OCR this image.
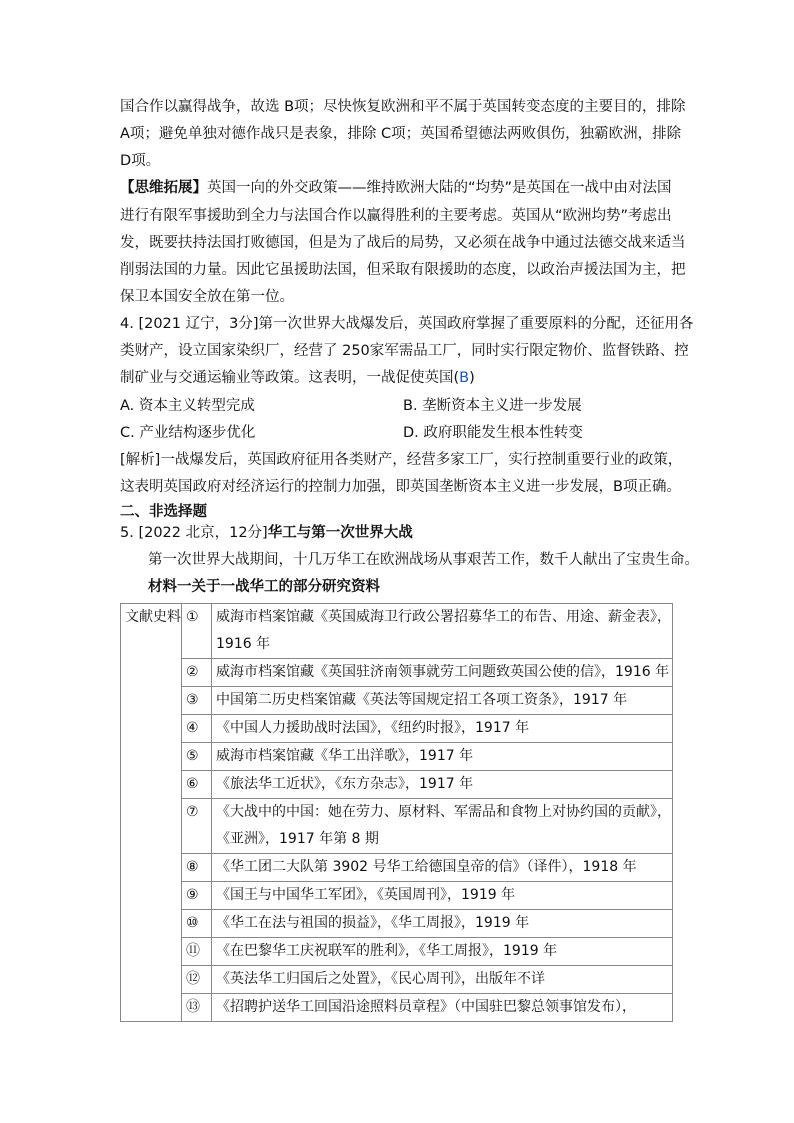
国合作以赢得战争，故选 B项；尽快恢复欧洲和平不属于英国转变态度的主要目的，排除
A项；避免单独对德作战只是表象，排除 C项；英国希望德法两败俱伤，独霸欧洲，排除
D项。
【思维拓展】英国一向的外交政策——维持欧洲大陆的“均势”是英国在一战中由对法国
进行有限军事援助到全力与法国合作以赢得胜利的主要考虑。英国从“欧洲均势”考虑出
发，既要扶持法国打败德国，但是为了战后的局势，又必须在战争中通过法德交战来适当
削弱法国的力量。因此它虽援助法国，但采取有限援助的态度，以政治声援法国为主，把
保卫本国安全放在第一位。
4. [2021 辽宁，3分]第一次世界大战爆发后，英国政府掌握了重要原料的分配，还征用各
类财产，设立国家染织厂，经营了 250家军需品工厂，同时实行限定物价、监督铁路、控
制矿业与交通运输业等政策。这表明，一战促使英国(B)
A. 资本主义转型完成	B. 垄断资本主义进一步发展
C. 产业结构逐步优化	D. 政府职能发生根本性转变
[解析]一战爆发后，英国政府征用各类财产，经营多家工厂，实行控制重要行业的政策，
这表明英国政府对经济运行的控制力加强，即英国垄断资本主义进一步发展，B项正确。
二、非选择题
5. [2022 北京，12分]华工与第一次世界大战
第一次世界大战期间，十几万华工在欧洲战场从事艰苦工作，数千人献出了宝贵生命。
材料一关于一战华工的部分研究资料
文献史料	①	威海市档案馆藏《英国威海卫行政公署招募华工的布告、用途、薪金表》，1916 年
	②	威海市档案馆藏《英国驻济南领事就劳工问题致英国公使的信》，1916 年
	③	中国第二历史档案馆藏《英法等国规定招工各项工资条》，1917 年
	④	《中国人力援助战时法国》，《纽约时报》，1917 年
	⑤	威海市档案馆藏《华工出洋歌》，1917 年
	⑥	《旅法华工近状》，《东方杂志》，1917 年
	⑦	《大战中的中国：她在劳力、原材料、军需品和食物上对协约国的贡献》，《亚洲》，1917 年第 8 期
	⑧	《华工团二大队第 3902 号华工给德国皇帝的信》（译件），1918 年
	⑨	《国王与中国华工军团》，《英国周刊》，1919 年
	⑩	《华工在法与祖国的损益》，《华工周报》，1919 年
	⑪	《在巴黎华工庆祝联军的胜利》，《华工周报》，1919 年
	⑫	《英法华工归国后之处置》，《民心周刊》，出版年不详
	⑬	《招聘护送华工回国沿途照料员章程》（中国驻巴黎总领事馆发布），
